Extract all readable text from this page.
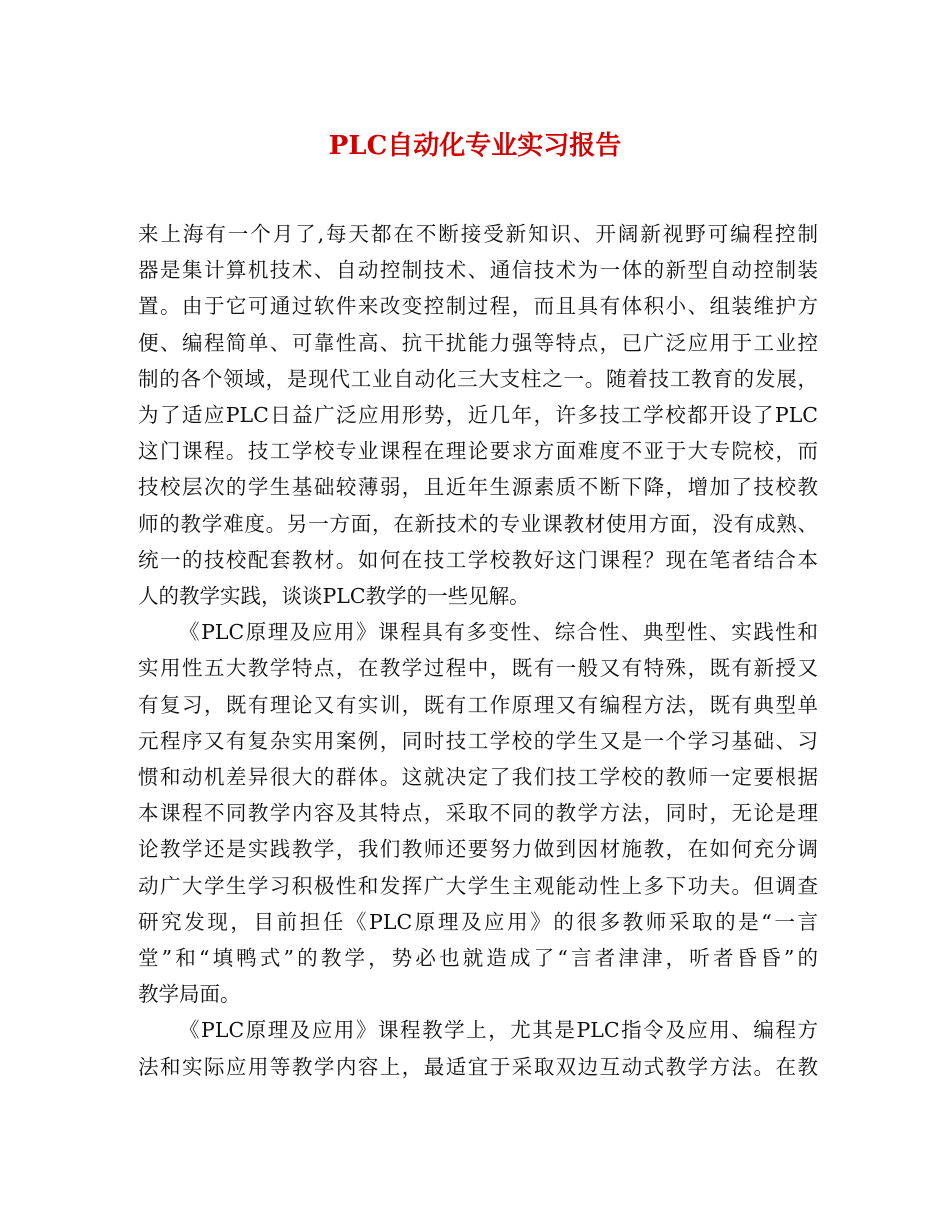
PLC自动化专业实习报告
来上海有一个月了,每天都在不断接受新知识、开阔新视野可编程控制
器是集计算机技术、自动控制技术、通信技术为一体的新型自动控制装
置。由于它可通过软件来改变控制过程，而且具有体积小、组装维护方
便、编程简单、可靠性高、抗干扰能力强等特点，已广泛应用于工业控
制的各个领域，是现代工业自动化三大支柱之一。随着技工教育的发展，
为了适应PLC日益广泛应用形势，近几年，许多技工学校都开设了PLC
这门课程。技工学校专业课程在理论要求方面难度不亚于大专院校，而
技校层次的学生基础较薄弱，且近年生源素质不断下降，增加了技校教
师的教学难度。另一方面，在新技术的专业课教材使用方面，没有成熟、
统一的技校配套教材。如何在技工学校教好这门课程？现在笔者结合本
人的教学实践，谈谈PLC教学的一些见解。
《PLC原理及应用》课程具有多变性、综合性、典型性、实践性和
实用性五大教学特点，在教学过程中，既有一般又有特殊，既有新授又
有复习，既有理论又有实训，既有工作原理又有编程方法，既有典型单
元程序又有复杂实用案例，同时技工学校的学生又是一个学习基础、习
惯和动机差异很大的群体。这就决定了我们技工学校的教师一定要根据
本课程不同教学内容及其特点，采取不同的教学方法，同时，无论是理
论教学还是实践教学，我们教师还要努力做到因材施教，在如何充分调
动广大学生学习积极性和发挥广大学生主观能动性上多下功夫。但调查
研究发现，目前担任《PLC原理及应用》的很多教师采取的是“一言
堂”和“填鸭式”的教学，势必也就造成了“言者津津，听者昏昏”的
教学局面。
《PLC原理及应用》课程教学上，尤其是PLC指令及应用、编程方
法和实际应用等教学内容上，最适宜于采取双边互动式教学方法。在教
